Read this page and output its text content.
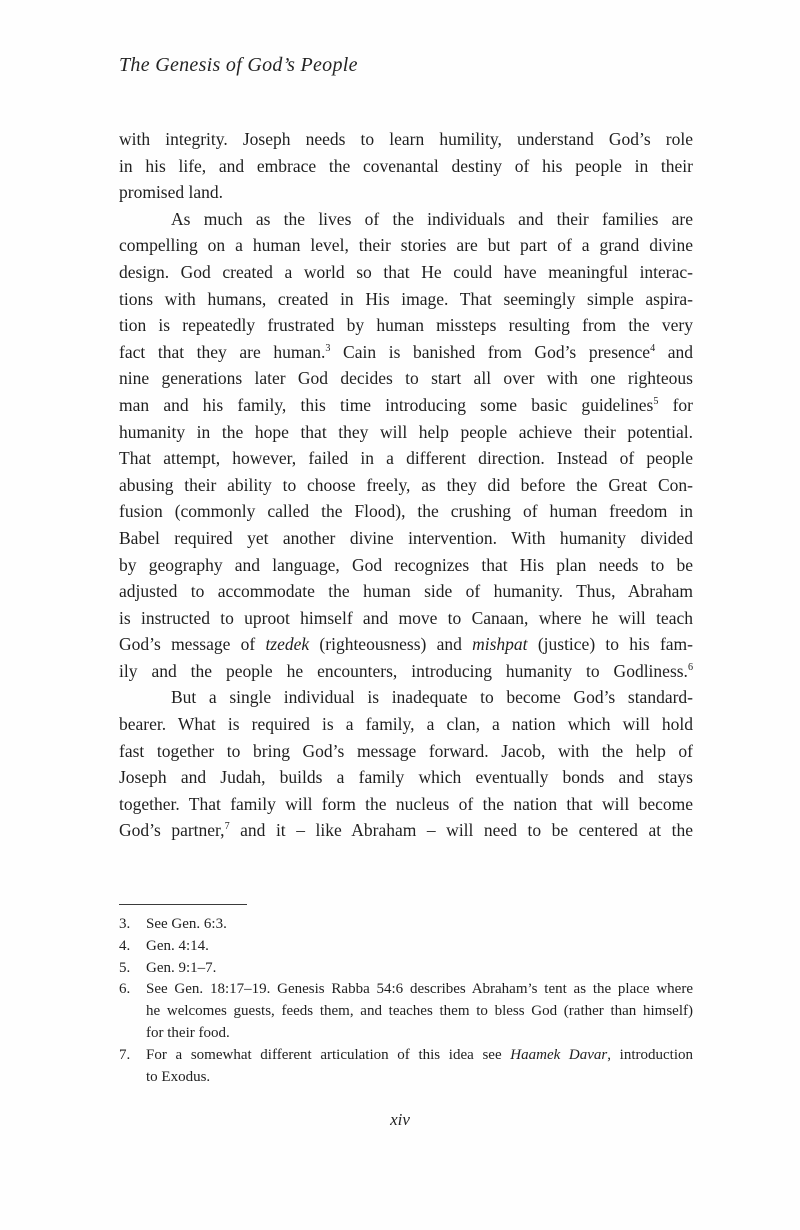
The Genesis of God’s People
with integrity. Joseph needs to learn humility, understand God’s role
in his life, and embrace the covenantal destiny of his people in their
promised land.
As much as the lives of the individuals and their families are
compelling on a human level, their stories are but part of a grand divine
design. God created a world so that He could have meaningful interac-
tions with humans, created in His image. That seemingly simple aspira-
tion is repeatedly frustrated by human missteps resulting from the very
fact that they are human.$^3$ Cain is banished from God’s presence$^4$ and
nine generations later God decides to start all over with one righteous
man and his family, this time introducing some basic guidelines$^5$ for
humanity in the hope that they will help people achieve their potential.
That attempt, however, failed in a different direction. Instead of people
abusing their ability to choose freely, as they did before the Great Con-
fusion (commonly called the Flood), the crushing of human freedom in
Babel required yet another divine intervention. With humanity divided
by geography and language, God recognizes that His plan needs to be
adjusted to accommodate the human side of humanity. Thus, Abraham
is instructed to uproot himself and move to Canaan, where he will teach
God’s message of tzedek (righteousness) and mishpat (justice) to his fam-
ily and the people he encounters, introducing humanity to Godliness.$^6$
But a single individual is inadequate to become God’s standard-
bearer. What is required is a family, a clan, a nation which will hold
fast together to bring God’s message forward. Jacob, with the help of
Joseph and Judah, builds a family which eventually bonds and stays
together. That family will form the nucleus of the nation that will become
God’s partner,$^7$ and it – like Abraham – will need to be centered at the
3.	See Gen. 6:3.
4.	Gen. 4:14.
5.	Gen. 9:1–7.
6.	See Gen. 18:17–19. Genesis Rabba 54:6 describes Abraham’s tent as the place where
he welcomes guests, feeds them, and teaches them to bless God (rather than himself)
for their food.
7.	For a somewhat different articulation of this idea see Haamek Davar, introduction
to Exodus.
xiv
